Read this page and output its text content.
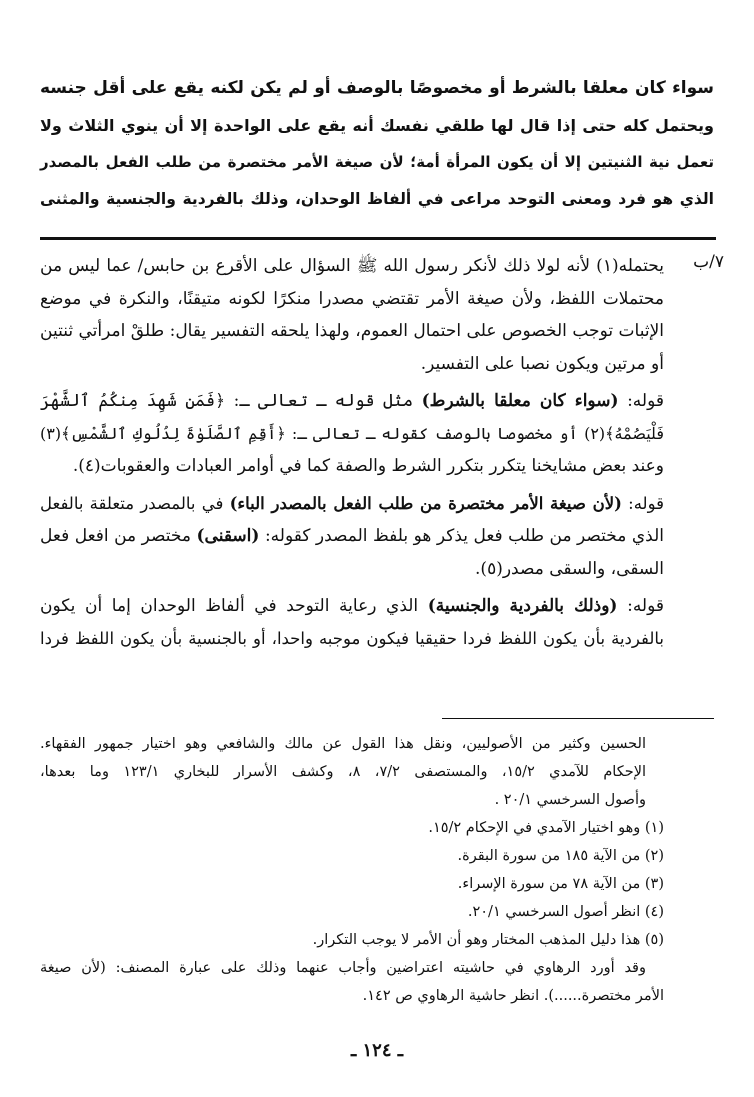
سواء كان معلقا بالشرط أو مخصوصًا بالوصف أو لم يكن لكنه يقع على أقل جنسه
ويحتمل كله حتى إذا قال لها طلقي نفسك أنه يقع على الواحدة إلا أن ينوي الثلاث ولا
تعمل نية الثنيتين إلا أن يكون المرأة أمة؛ لأن صيغة الأمر مختصرة من طلب الفعل بالمصدر
الذي هو فرد ومعنى التوحد مراعى في ألفاظ الوحدان، وذلك بالفردية والجنسية والمثنى
٧/ب

يحتمله(١) لأنه لولا ذلك لأنكر رسول الله ﷺ السؤال على الأقرع بن حابس/ عما ليس من
محتملات اللفظ، ولأن صيغة الأمر تقتضي مصدرا منكرًا لكونه متيقنًا، والنكرة في موضع
الإثبات توجب الخصوص على احتمال العموم، ولهذا يلحقه التفسير يقال: طلقْ امرأتي ثنتين
أو مرتين ويكون نصبا على التفسير.

قوله: (سواء كان معلقا بالشرط) مثل قوله ـ تعالى ـ: ﴿فَمَن شَهِدَ مِنكُمُ ٱلشَّهْرَ
فَلْيَصُمْهُ﴾(٢) أو مخصوصا بالوصف كقوله ـ تعالى ـ: ﴿أَقِمِ ٱلصَّلَوٰةَ لِدُلُوكِ ٱلشَّمْسِ﴾(٣)
وعند بعض مشايخنا يتكرر بتكرر الشرط والصفة كما في أوامر العبادات والعقوبات(٤).

قوله: (لأن صيغة الأمر مختصرة من طلب الفعل بالمصدر الباء) في بالمصدر متعلقة بالفعل
الذي مختصر من طلب فعل يذكر هو بلفظ المصدر كقوله: (اسقنى) مختصر من افعل فعل
السقى، والسقى مصدر(٥).

قوله: (وذلك بالفردية والجنسية) الذي رعاية التوحد في ألفاظ الوحدان إما أن يكون
بالفردية بأن يكون اللفظ فردا حقيقيا فيكون موجبه واحدا، أو بالجنسية بأن يكون اللفظ فردا

الحسين وكثير من الأصوليين، ونقل هذا القول عن مالك والشافعي وهو اختيار جمهور الفقهاء.
الإحكام للآمدي ١٥/٢، والمستصفى ٧/٢، ٨، وكشف الأسرار للبخاري ١٢٣/١ وما بعدها،
وأصول السرخسي ٢٠/١ .
(١) وهو اختيار الآمدي في الإحكام ١٥/٢.
(٢) من الآية ١٨٥ من سورة البقرة.
(٣) من الآية ٧٨ من سورة الإسراء.
(٤) انظر أصول السرخسي ٢٠/١.
(٥) هذا دليل المذهب المختار وهو أن الأمر لا يوجب التكرار.
وقد أورد الرهاوي في حاشيته اعتراضين وأجاب عنهما وذلك على عبارة المصنف: (لأن صيغة
الأمر مختصرة......). انظر حاشية الرهاوي ص ١٤٢.
ـ ١٢٤ ـ
